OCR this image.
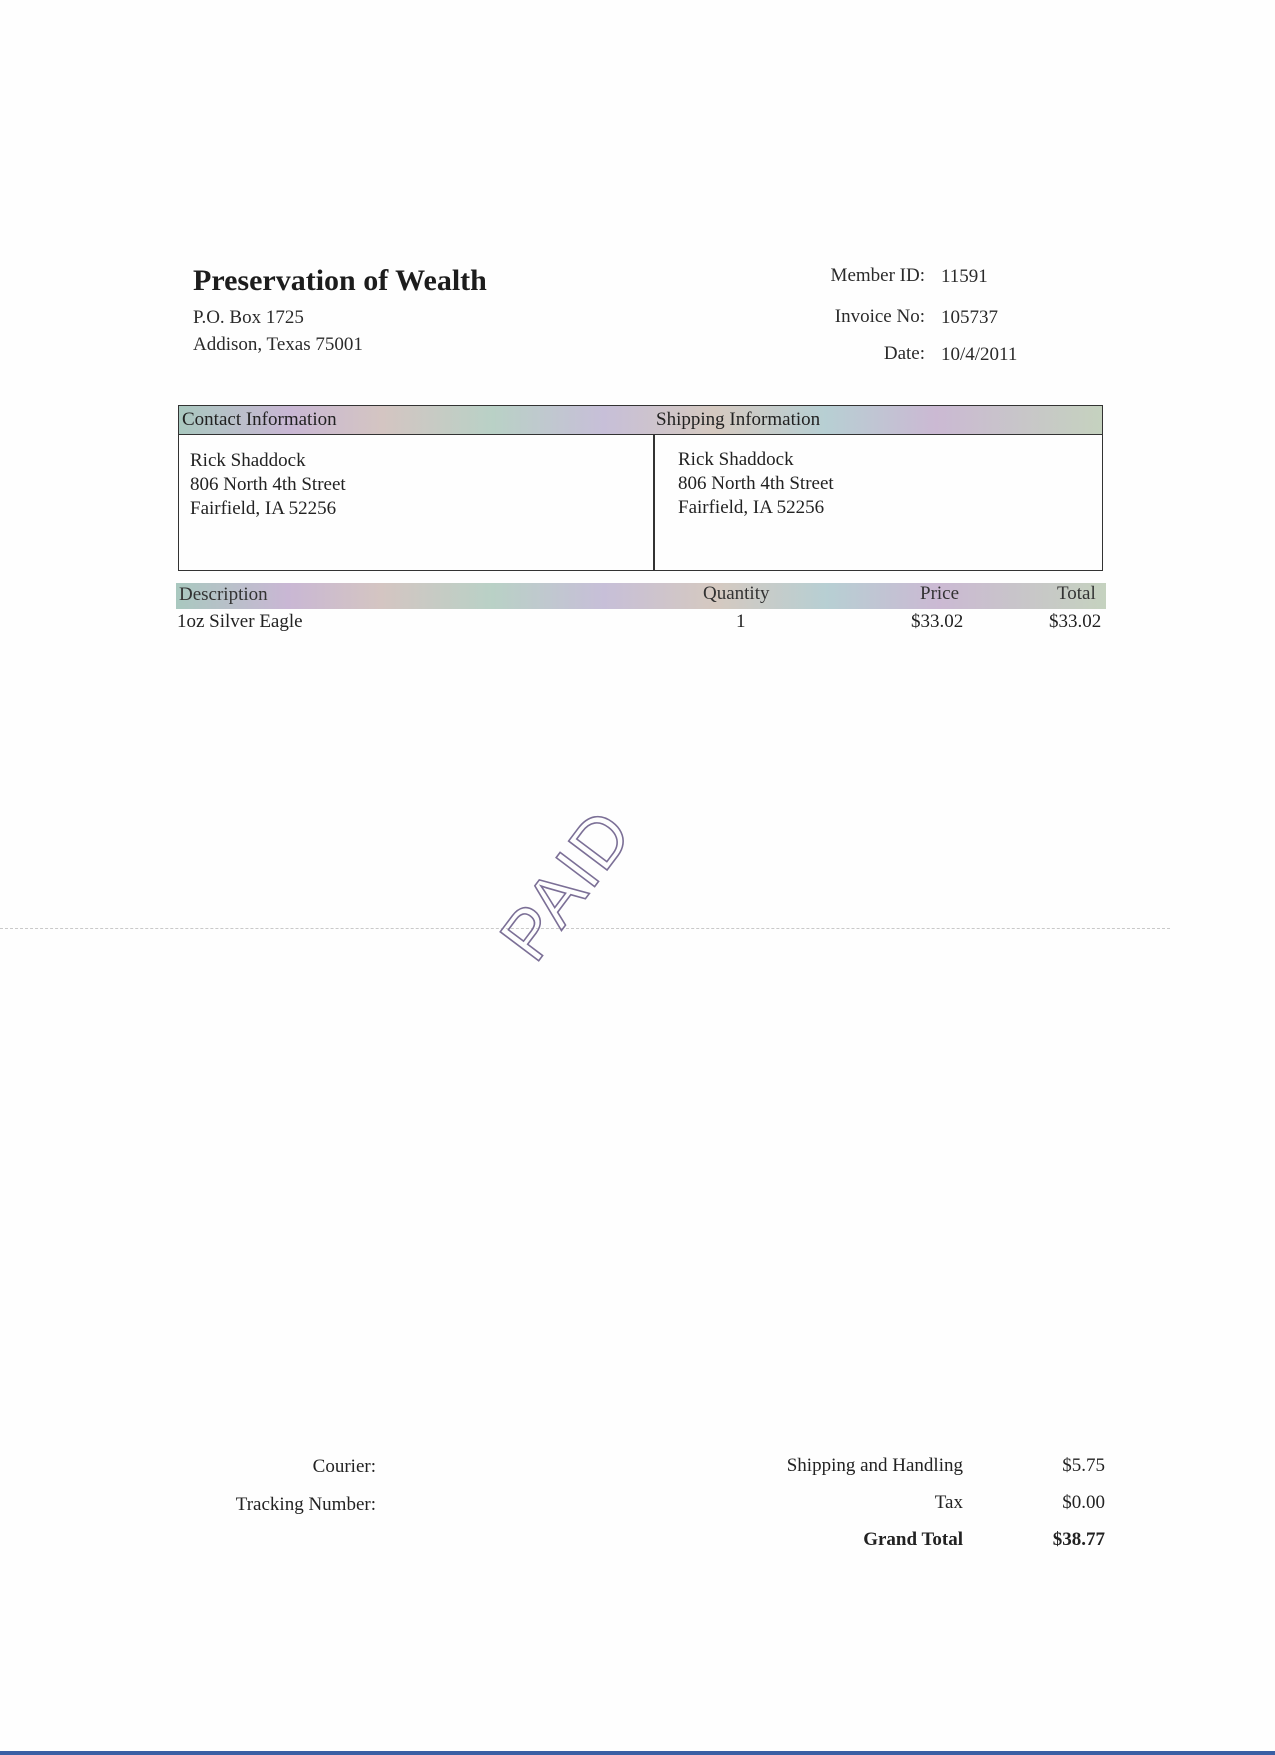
Preservation of Wealth
P.O. Box 1725
Addison, Texas 75001
Member ID: 11591
Invoice No: 105737
Date: 10/4/2011
Contact Information	Shipping Information
Rick Shaddock
806 North 4th Street
Fairfield, IA 52256
Rick Shaddock
806 North 4th Street
Fairfield, IA 52256
Description	Quantity	Price	Total
1oz Silver Eagle	1	$33.02	$33.02
PAID
Courier:
Tracking Number:
Shipping and Handling	$5.75
Tax	$0.00
Grand Total	$38.77
